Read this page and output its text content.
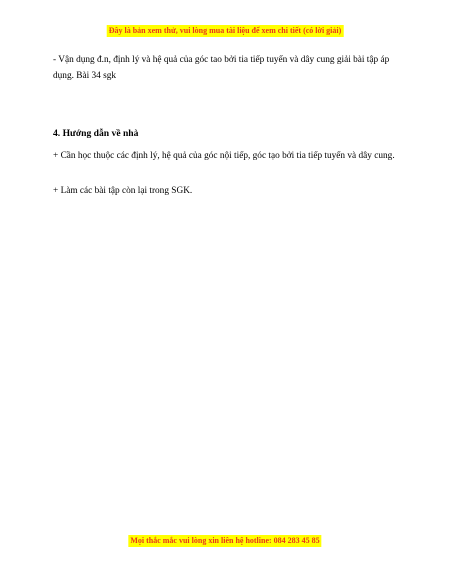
Đây là bản xem thử, vui lòng mua tài liệu để xem chi tiết (có lời giải)
- Vận dụng đ.n, định lý và hệ quả của góc tao bởi tia tiếp tuyến và dây cung giải bài tập áp dụng. Bài 34 sgk
4. Hướng dẫn về nhà
+ Cần học thuộc các định lý, hệ quả của góc nội tiếp, góc tạo bởi tia tiếp tuyến và dây cung.
+ Làm các bài tập còn lại trong SGK.
Mọi thắc mắc vui lòng xin liên hệ hotline: 084 283 45 85
